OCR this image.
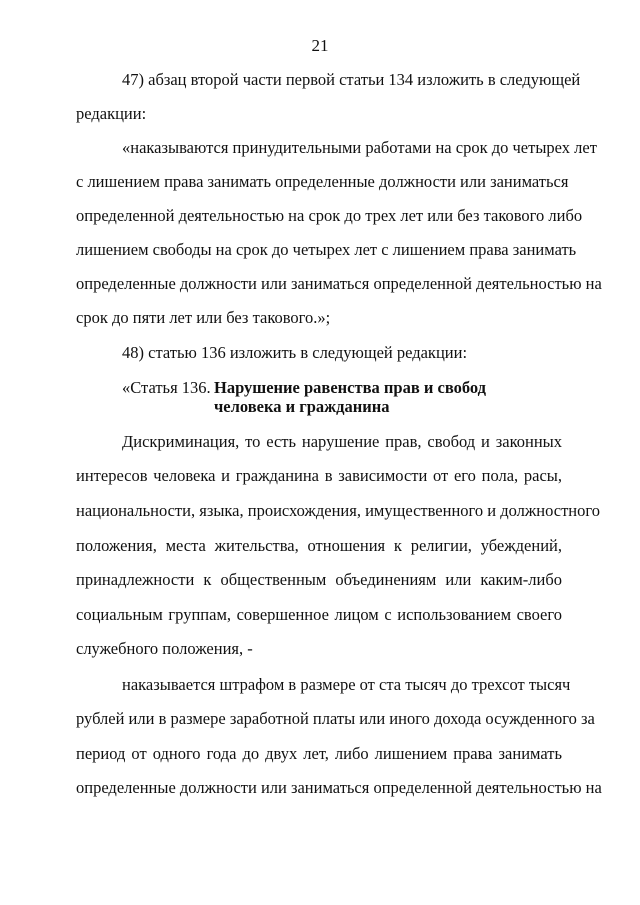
21
47) абзац второй части первой статьи 134 изложить в следующей
редакции:
«наказываются принудительными работами на срок до четырех лет
с лишением права занимать определенные должности или заниматься
определенной деятельностью на срок до трех лет или без такового либо
лишением свободы на срок до четырех лет с лишением права занимать
определенные должности или заниматься определенной деятельностью на
срок до пяти лет или без такового.»;
48) статью 136 изложить в следующей редакции:
«Статья 136. Нарушение равенства прав и свобод
человека и гражданина
Дискриминация, то есть нарушение прав, свобод и законных
интересов человека и гражданина в зависимости от его пола, расы,
национальности, языка, происхождения, имущественного и должностного
положения, места жительства, отношения к религии, убеждений,
принадлежности к общественным объединениям или каким-либо
социальным группам, совершенное лицом с использованием своего
служебного положения, -
наказывается штрафом в размере от ста тысяч до трехсот тысяч
рублей или в размере заработной платы или иного дохода осужденного за
период от одного года до двух лет, либо лишением права занимать
определенные должности или заниматься определенной деятельностью на
